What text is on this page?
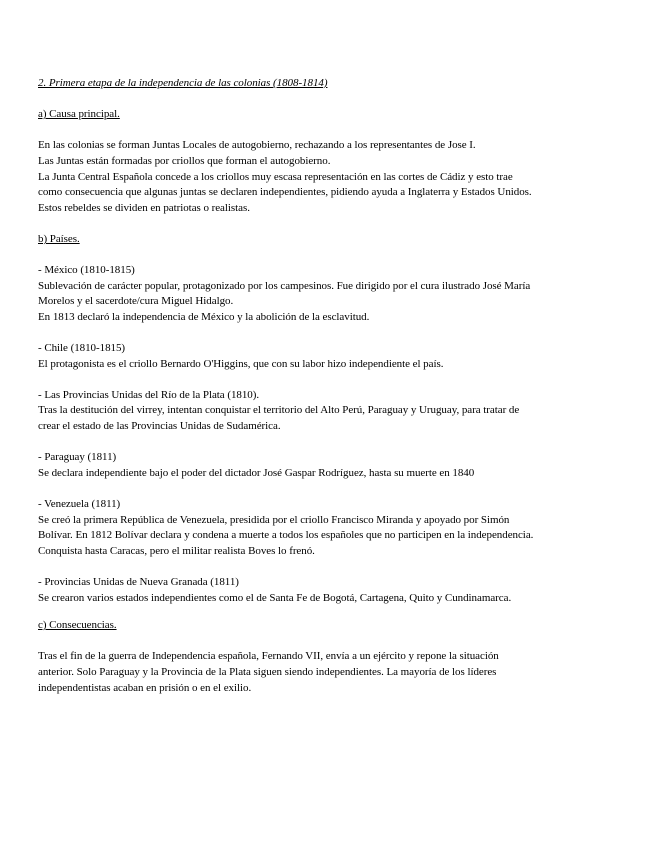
2. Primera etapa de la independencia de las colonias (1808-1814)
a) Causa principal.
En las colonias se forman Juntas Locales de autogobierno, rechazando a los representantes de Jose I.
Las Juntas están formadas por criollos que forman el autogobierno.
La Junta Central Española concede a los criollos muy escasa representación en las cortes de Cádiz y esto trae
como consecuencia que algunas juntas se declaren independientes, pidiendo ayuda a Inglaterra y Estados Unidos.
Estos rebeldes se dividen en patriotas o realistas.
b) Países.
- México (1810-1815)
Sublevación de carácter popular, protagonizado por los campesinos. Fue dirigido por el cura ilustrado José María
Morelos y el sacerdote/cura Miguel Hidalgo.
En 1813 declaró la independencia de México y la abolición de la esclavitud.
- Chile (1810-1815)
El protagonista es el criollo Bernardo O'Higgins, que con su labor hizo independiente el país.
- Las Provincias Unidas del Río de la Plata (1810).
Tras la destitución del virrey, intentan conquistar el territorio del Alto Perú, Paraguay y Uruguay, para tratar de
crear el estado de las Provincias Unidas de Sudamérica.
- Paraguay (1811)
Se declara independiente bajo el poder del dictador José Gaspar Rodríguez, hasta su muerte en 1840
- Venezuela (1811)
Se creó la primera República de Venezuela, presidida por el criollo Francisco Miranda y apoyado por Simón
Bolívar. En 1812 Bolívar declara y condena a muerte a todos los españoles que no participen en la independencia.
Conquista hasta Caracas, pero el militar realista Boves lo frenó.
- Provincias Unidas de Nueva Granada (1811)
Se crearon varios estados independientes como el de Santa Fe de Bogotá, Cartagena, Quito y Cundinamarca.
c) Consecuencias.
Tras el fin de la guerra de Independencia española, Fernando VII, envía a un ejército y repone la situación
anterior. Solo Paraguay y la Provincia de la Plata siguen siendo independientes. La mayoría de los líderes
independentistas acaban en prisión o en el exilio.
